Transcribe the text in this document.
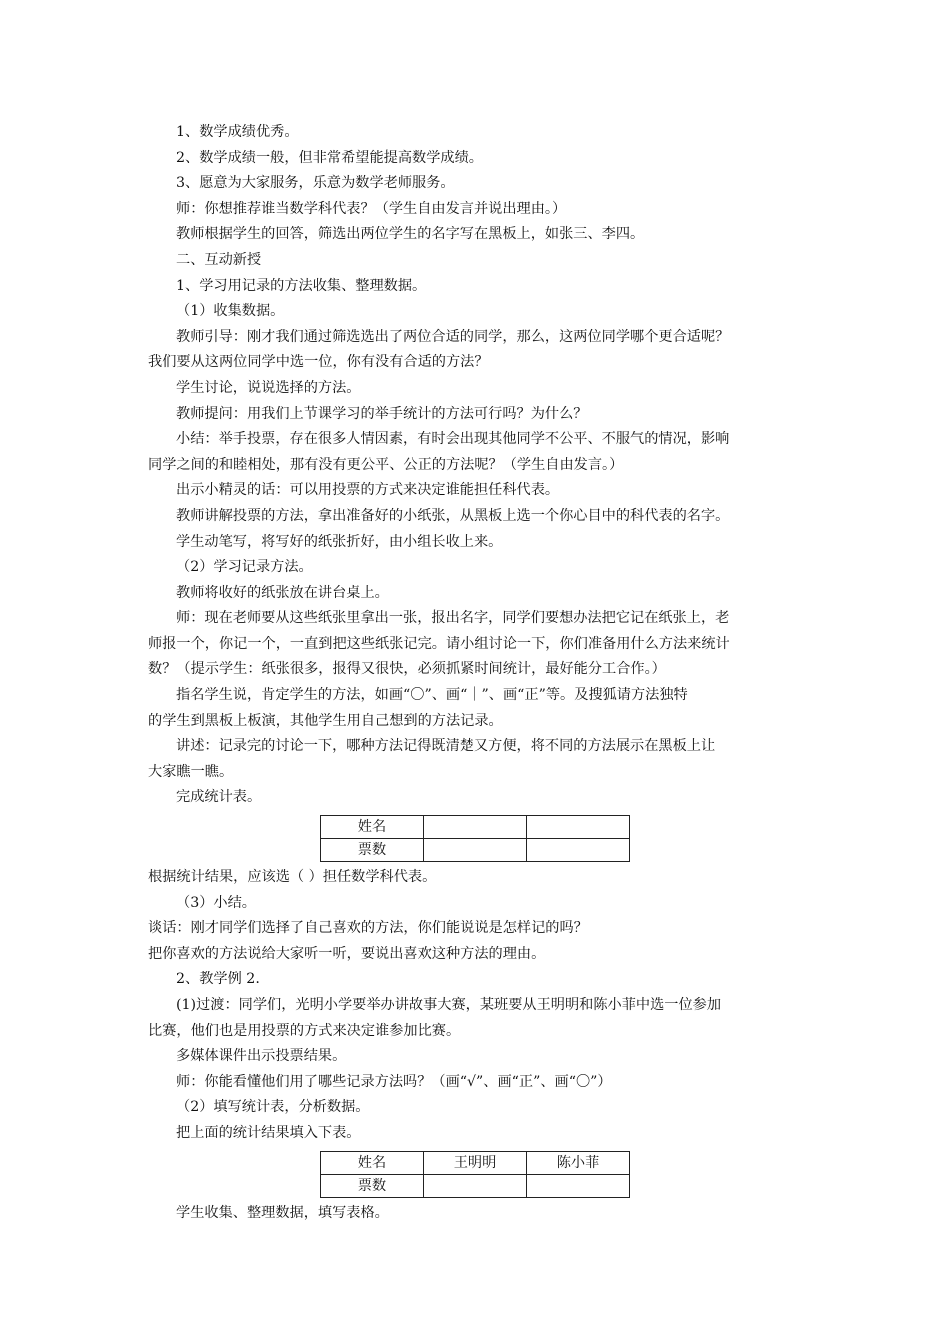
1、数学成绩优秀。

2、数学成绩一般，但非常希望能提高数学成绩。

3、愿意为大家服务，乐意为数学老师服务。

师：你想推荐谁当数学科代表？（学生自由发言并说出理由。）

教师根据学生的回答，筛选出两位学生的名字写在黑板上，如张三、李四。

二、互动新授

1、学习用记录的方法收集、整理数据。

（1）收集数据。

教师引导：刚才我们通过筛选选出了两位合适的同学，那么，这两位同学哪个更合适呢？

我们要从这两位同学中选一位，你有没有合适的方法？

学生讨论，说说选择的方法。

教师提问：用我们上节课学习的举手统计的方法可行吗？为什么？

小结：举手投票，存在很多人情因素，有时会出现其他同学不公平、不服气的情况，影响

同学之间的和睦相处，那有没有更公平、公正的方法呢？（学生自由发言。）

出示小精灵的话：可以用投票的方式来决定谁能担任科代表。

教师讲解投票的方法，拿出准备好的小纸张，从黑板上选一个你心目中的科代表的名字。

学生动笔写，将写好的纸张折好，由小组长收上来。

（2）学习记录方法。

教师将收好的纸张放在讲台桌上。

师：现在老师要从这些纸张里拿出一张，报出名字，同学们要想办法把它记在纸张上，老

师报一个，你记一个，一直到把这些纸张记完。请小组讨论一下，你们准备用什么方法来统计

数？（提示学生：纸张很多，报得又很快，必须抓紧时间统计，最好能分工合作。）

指名学生说，肯定学生的方法，如画“〇”、画“｜”、画“正”等。及搜狐请方法独特

的学生到黑板上板演，其他学生用自己想到的方法记录。

讲述：记录完的讨论一下，哪种方法记得既清楚又方便，将不同的方法展示在黑板上让

大家瞧一瞧。

完成统计表。

姓名		
票数		

根据统计结果，应该选（ ）担任数学科代表。

（3）小结。

谈话：刚才同学们选择了自己喜欢的方法，你们能说说是怎样记的吗？

把你喜欢的方法说给大家听一听，要说出喜欢这种方法的理由。

2、教学例 2.

(1)过渡：同学们，光明小学要举办讲故事大赛，某班要从王明明和陈小菲中选一位参加

比赛，他们也是用投票的方式来决定谁参加比赛。

多媒体课件出示投票结果。

师：你能看懂他们用了哪些记录方法吗？（画“√”、画“正”、画“〇”）

（2）填写统计表，分析数据。

把上面的统计结果填入下表。

姓名	王明明	陈小菲
票数		

学生收集、整理数据，填写表格。
